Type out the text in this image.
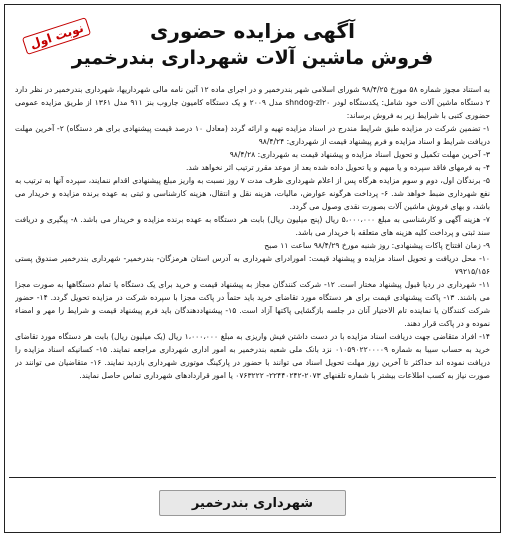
نوبت اول	آگهی مزایده حضوری
فروش ماشین آلات شهرداری بندرخمیر

به استناد مجوز شماره ۵۸ مورخ ۹۸/۴/۲۵ شورای اسلامی شهر بندرخمیر و در اجرای ماده ۱۲ آئین نامه مالی شهرداریها، شهرداری بندرخمیر در نظر دارد ۲ دستگاه ماشین آلات خود شامل: یکدستگاه لودر shndog-zl۲۰ مدل ۲۰۰۹ و یک دستگاه کامیون جاروب بنز ۹۱۱ مدل ۱۳۶۱ از طریق مزایده عمومی حضوری کتبی با شرایط زیر به فروش برساند:

۱- تضمین شرکت در مزایده طبق شرایط مندرج در اسناد مزایده تهیه و ارائه گردد (معادل ۱۰ درصد قیمت پیشنهادی برای هر دستگاه) ۲- آخرین مهلت دریافت شرایط و اسناد مزایده و فرم پیشنهاد قیمت از شهرداری: ۹۸/۴/۲۴

۳- آخرین مهلت تکمیل و تحویل اسناد مزایده و پیشنهاد قیمت به شهرداری: ۹۸/۴/۲۸

۴- به فرمهای فاقد سپرده و یا مبهم و یا تحویل داده شده بعد از موعد مقرر ترتیب اثر نخواهد شد.

۵- برندگان اول، دوم و سوم مزایده هرگاه پس از اعلام شهرداری ظرف مدت ۷ روز نسبت به واریز مبلغ پیشنهادی اقدام ننمایند، سپرده آنها به ترتیب به نفع شهرداری ضبط خواهد شد. ۶- پرداخت هرگونه عوارض، مالیات، هزینه نقل و انتقال، هزینه کارشناسی و ثبتی به عهده برنده مزایده و خریدار می باشد، و بهای فروش ماشین آلات بصورت نقدی وصول می گردد.

۷- هزینه آگهی و کارشناسی به مبلغ ۵،۰۰۰،۰۰۰ ریال (پنج میلیون ریال) بابت هر دستگاه به عهده برنده مزایده و خریدار می باشد. ۸- پیگیری و دریافت سند ثبتی و پرداخت کلیه هزینه های متعلقه با خریدار می باشد.

۹- زمان افتتاح پاکات پیشنهادی: روز شنبه مورخ ۹۸/۴/۲۹ ساعت ۱۱ صبح

۱۰- محل دریافت و تحویل اسناد مزایده و پیشنهاد قیمت: امورادرای شهرداری به آدرس استان هرمزگان- بندرخمیر- شهرداری بندرخمیر صندوق پستی ۷۹۲۱۵/۱۵۶

۱۱- شهرداری در ردیا قبول پیشنهاد مختار است. ۱۲- شرکت کنندگان مجاز به پیشنهاد قیمت و خرید برای یک دستگاه یا تمام دستگاهها به صورت مجزا می باشند. ۱۳- پاکت پیشنهادی قیمت برای هر دستگاه مورد تقاضای خرید باید حتماً در پاکت مجزا با سپرده شرکت در مزایده تحویل گردد. ۱۴- حضور شرکت کنندگان یا نماینده تام الاختیار آنان در جلسه بازگشایی پاکتها آزاد است. ۱۵- پیشنهاددهندگان باید فرم پیشنهاد قیمت و شرایط را مهر و امضاء نموده و در پاکت قرار دهند.

۱۴- افراد متقاضی جهت دریافت اسناد مزایده با در دست داشتن فیش واریزی به مبلغ ۱،۰۰۰،۰۰۰ ریال (یک میلیون ریال) بابت هر دستگاه مورد تقاضای خرید به حساب سیبا به شماره ۰۱۰۵۹۰۲۲۰۰۰۰۹ نزد بانک ملی شعبه بندرخمیر به امور اداری شهرداری مراجعه نمایند. ۱۵- کسانیکه اسناد مزایده را دریافت نموده اند حداکثر تا آخرین روز مهلت تحویل اسناد می توانند با حضور در پارکینگ موتوری شهرداری بازدید نمایند. ۱۶- متقاضیان می توانند در صورت نیاز به کسب اطلاعات بیشتر با شماره تلفنهای ۲۰۷۳-۲۲۴۴۰۲۴۲- ۰۷۶۳۲۲۲ یا امور قراردادهای شهرداری تماس حاصل نمایند.

شهرداری بندرخمیر
